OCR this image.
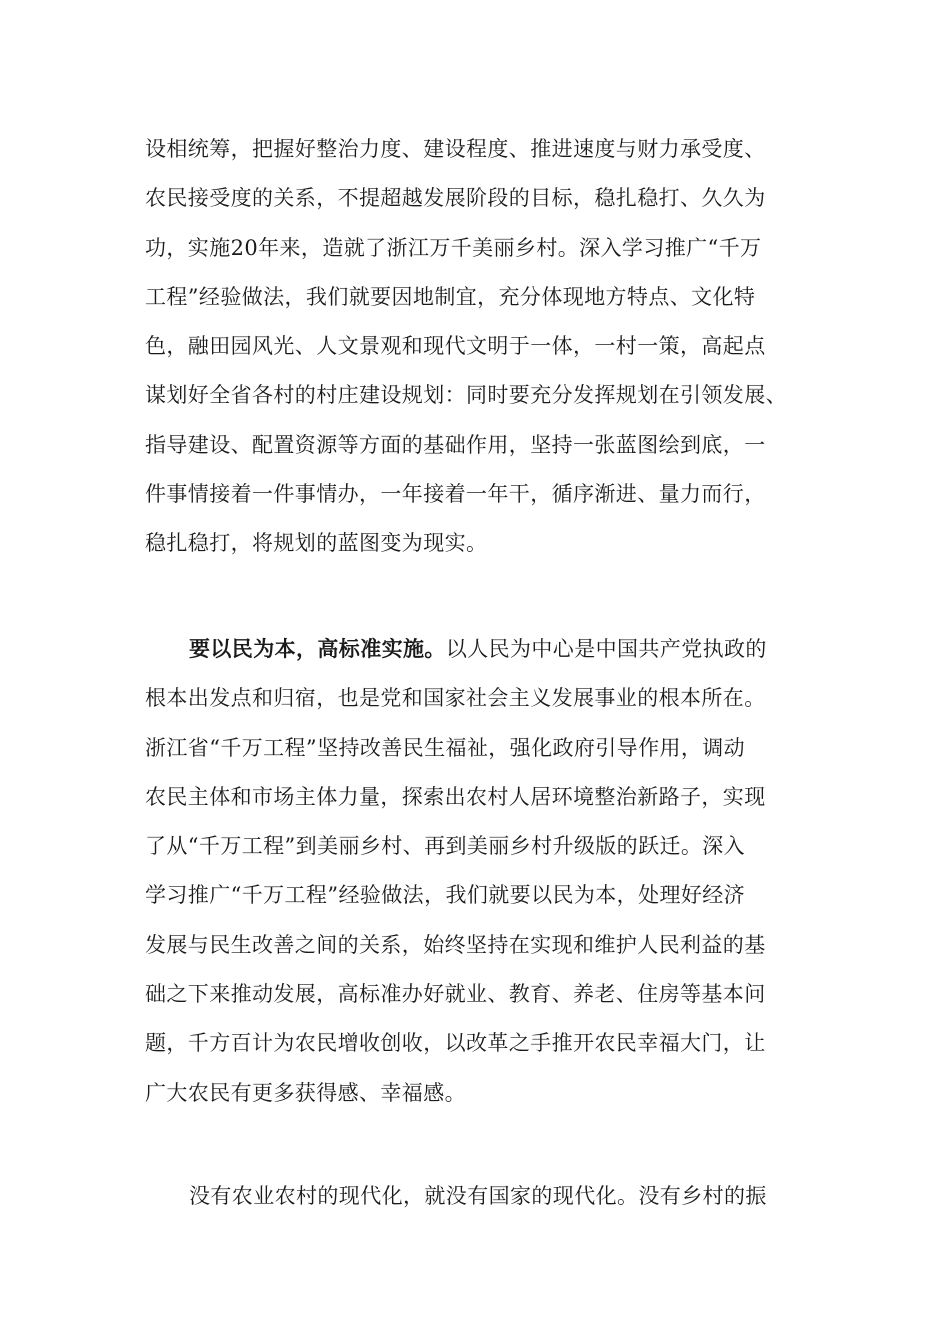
设相统筹，把握好整治力度、建设程度、推进速度与财力承受度、
农民接受度的关系，不提超越发展阶段的目标，稳扎稳打、久久为
功，实施20年来，造就了浙江万千美丽乡村。深入学习推广“千万
工程”经验做法，我们就要因地制宜，充分体现地方特点、文化特
色，融田园风光、人文景观和现代文明于一体，一村一策，高起点
谋划好全省各村的村庄建设规划：同时要充分发挥规划在引领发展、
指导建设、配置资源等方面的基础作用，坚持一张蓝图绘到底，一
件事情接着一件事情办，一年接着一年干，循序渐进、量力而行，
稳扎稳打，将规划的蓝图变为现实。

要以民为本，高标准实施。以人民为中心是中国共产党执政的
根本出发点和归宿，也是党和国家社会主义发展事业的根本所在。
浙江省“千万工程”坚持改善民生福祉，强化政府引导作用，调动
农民主体和市场主体力量，探索出农村人居环境整治新路子，实现
了从“千万工程”到美丽乡村、再到美丽乡村升级版的跃迁。深入
学习推广“千万工程”经验做法，我们就要以民为本，处理好经济
发展与民生改善之间的关系，始终坚持在实现和维护人民利益的基
础之下来推动发展，高标准办好就业、教育、养老、住房等基本问
题，千方百计为农民增收创收，以改革之手推开农民幸福大门，让
广大农民有更多获得感、幸福感。

没有农业农村的现代化，就没有国家的现代化。没有乡村的振
